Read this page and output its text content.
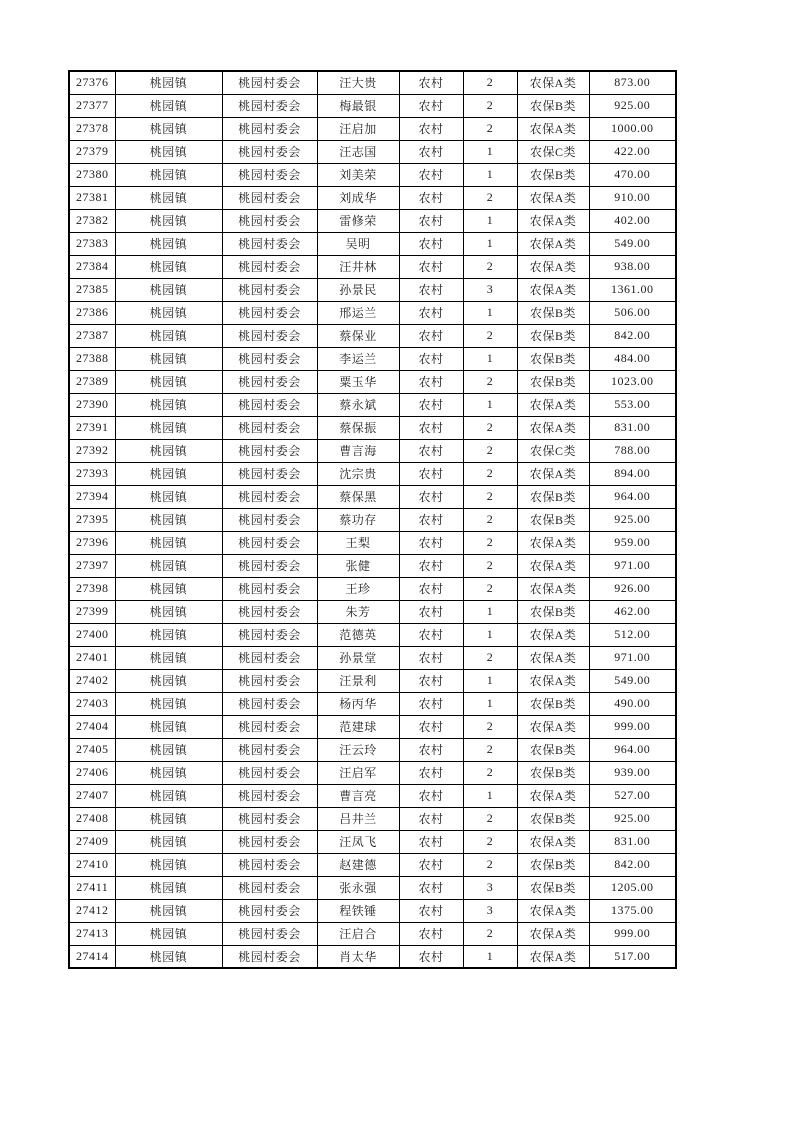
27376	桃园镇	桃园村委会	汪大贵	农村	2	农保A类	873.00
27377	桃园镇	桃园村委会	梅最银	农村	2	农保B类	925.00
27378	桃园镇	桃园村委会	汪启加	农村	2	农保A类	1000.00
27379	桃园镇	桃园村委会	汪志国	农村	1	农保C类	422.00
27380	桃园镇	桃园村委会	刘美荣	农村	1	农保B类	470.00
27381	桃园镇	桃园村委会	刘成华	农村	2	农保A类	910.00
27382	桃园镇	桃园村委会	雷修荣	农村	1	农保A类	402.00
27383	桃园镇	桃园村委会	吴明	农村	1	农保A类	549.00
27384	桃园镇	桃园村委会	汪井林	农村	2	农保A类	938.00
27385	桃园镇	桃园村委会	孙景民	农村	3	农保A类	1361.00
27386	桃园镇	桃园村委会	邢运兰	农村	1	农保B类	506.00
27387	桃园镇	桃园村委会	蔡保业	农村	2	农保B类	842.00
27388	桃园镇	桃园村委会	李运兰	农村	1	农保B类	484.00
27389	桃园镇	桃园村委会	粟玉华	农村	2	农保B类	1023.00
27390	桃园镇	桃园村委会	蔡永斌	农村	1	农保A类	553.00
27391	桃园镇	桃园村委会	蔡保振	农村	2	农保A类	831.00
27392	桃园镇	桃园村委会	曹言海	农村	2	农保C类	788.00
27393	桃园镇	桃园村委会	沈宗贵	农村	2	农保A类	894.00
27394	桃园镇	桃园村委会	蔡保黑	农村	2	农保B类	964.00
27395	桃园镇	桃园村委会	蔡功存	农村	2	农保B类	925.00
27396	桃园镇	桃园村委会	王梨	农村	2	农保A类	959.00
27397	桃园镇	桃园村委会	张健	农村	2	农保A类	971.00
27398	桃园镇	桃园村委会	王珍	农村	2	农保A类	926.00
27399	桃园镇	桃园村委会	朱芳	农村	1	农保B类	462.00
27400	桃园镇	桃园村委会	范德英	农村	1	农保A类	512.00
27401	桃园镇	桃园村委会	孙景堂	农村	2	农保A类	971.00
27402	桃园镇	桃园村委会	汪景利	农村	1	农保A类	549.00
27403	桃园镇	桃园村委会	杨丙华	农村	1	农保B类	490.00
27404	桃园镇	桃园村委会	范建球	农村	2	农保A类	999.00
27405	桃园镇	桃园村委会	汪云玲	农村	2	农保B类	964.00
27406	桃园镇	桃园村委会	汪启军	农村	2	农保B类	939.00
27407	桃园镇	桃园村委会	曹言亮	农村	1	农保A类	527.00
27408	桃园镇	桃园村委会	吕井兰	农村	2	农保B类	925.00
27409	桃园镇	桃园村委会	汪凤飞	农村	2	农保A类	831.00
27410	桃园镇	桃园村委会	赵建德	农村	2	农保B类	842.00
27411	桃园镇	桃园村委会	张永强	农村	3	农保B类	1205.00
27412	桃园镇	桃园村委会	程铁锤	农村	3	农保A类	1375.00
27413	桃园镇	桃园村委会	汪启合	农村	2	农保A类	999.00
27414	桃园镇	桃园村委会	肖太华	农村	1	农保A类	517.00
